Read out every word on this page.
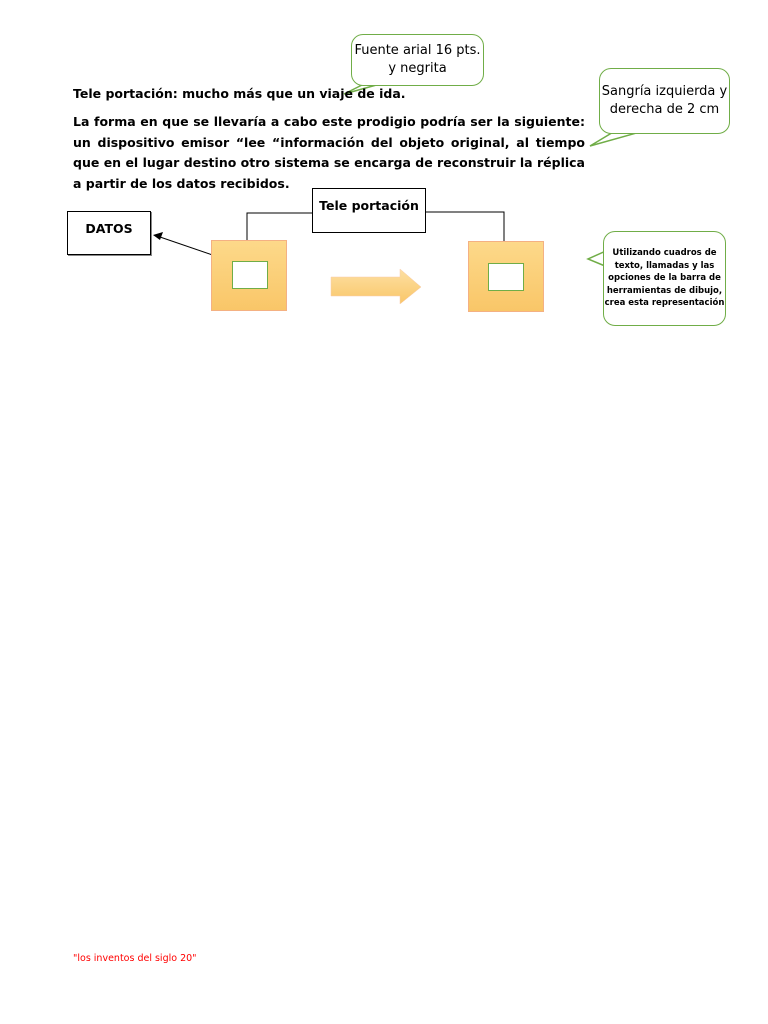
Tele portación: mucho más que un viaje de ida.
La forma en que se llevaría a cabo este prodigio podría ser la siguiente: un dispositivo emisor “lee “información del objeto original, al tiempo que en el lugar destino otro sistema se encarga de reconstruir la réplica a partir de los datos recibidos.
Fuente arial 16 pts. y negrita
Sangría izquierda y derecha de 2 cm
Utilizando cuadros de texto, llamadas y las opciones de la barra de herramientas de dibujo, crea esta representación
DATOS
Tele portación
"los inventos del siglo 20"
